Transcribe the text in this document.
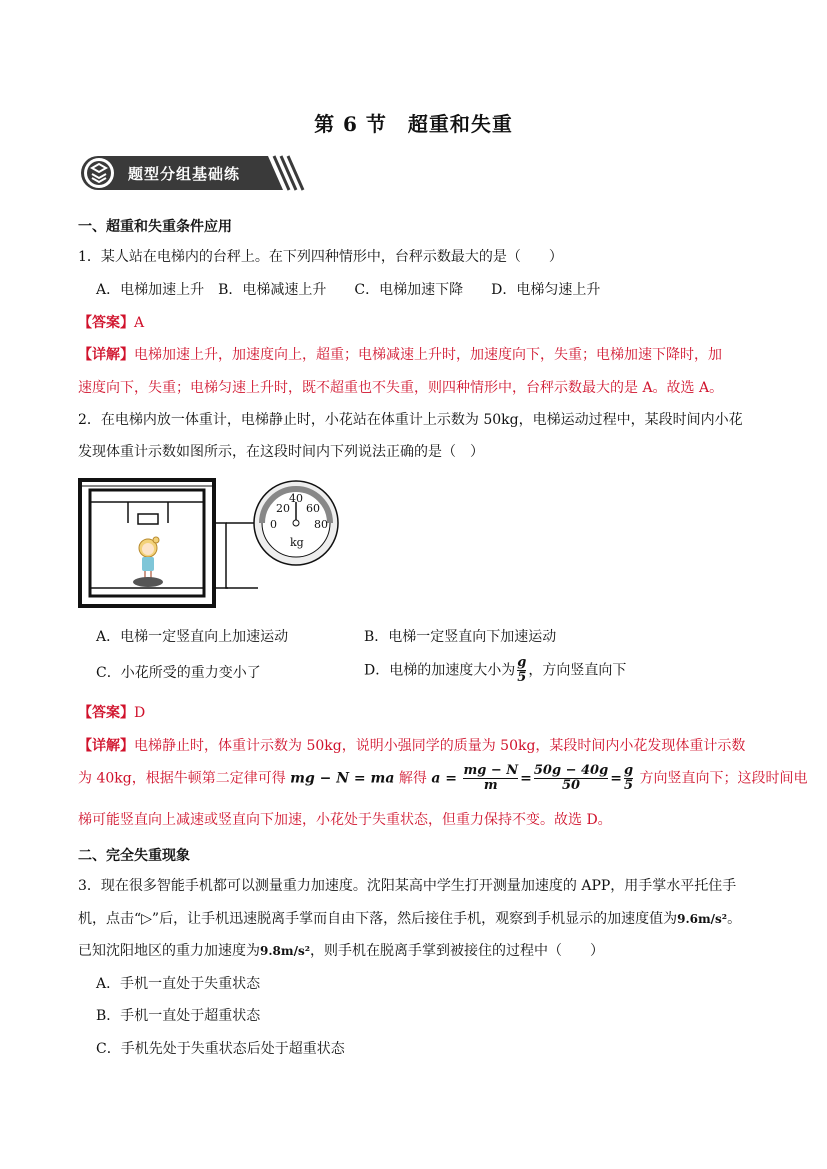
第 6 节　超重和失重
题型分组基础练
一、超重和失重条件应用
1．某人站在电梯内的台秤上。在下列四种情形中，台秤示数最大的是（　　）
A．电梯加速上升　B．电梯减速上升　　C．电梯加速下降　　D．电梯匀速上升
【答案】A
【详解】电梯加速上升，加速度向上，超重；电梯减速上升时，加速度向下，失重；电梯加速下降时，加
速度向下，失重；电梯匀速上升时，既不超重也不失重，则四种情形中，台秤示数最大的是 A。故选 A。
2．在电梯内放一体重计，电梯静止时，小花站在体重计上示数为 50kg，电梯运动过程中，某段时间内小花
发现体重计示数如图所示，在这段时间内下列说法正确的是（　）
0
20
40
60
80
kg
A．电梯一定竖直向上加速运动	B．电梯一定竖直向下加速运动
C．小花所受的重力变小了	D．电梯的加速度大小为 $\frac{g}{5}$ ，方向竖直向下
【答案】D
【详解】电梯静止时，体重计示数为 50kg，说明小强同学的质量为 50kg，某段时间内小花发现体重计示数
为 40kg，根据牛顿第二定律可得 mg − N = ma 解得 $a = \frac{mg - N}{m} = \frac{50g - 40g}{50} = \frac{g}{5}$ 方向竖直向下；这段时间电
梯可能竖直向上减速或竖直向下加速，小花处于失重状态，但重力保持不变。故选 D。
二、完全失重现象
3．现在很多智能手机都可以测量重力加速度。沈阳某高中学生打开测量加速度的 APP，用手掌水平托住手
机，点击“▷”后，让手机迅速脱离手掌而自由下落，然后接住手机，观察到手机显示的加速度值为9.6m/s²。
已知沈阳地区的重力加速度为9.8m/s²，则手机在脱离手掌到被接住的过程中（　　）
A．手机一直处于失重状态
B．手机一直处于超重状态
C．手机先处于失重状态后处于超重状态
